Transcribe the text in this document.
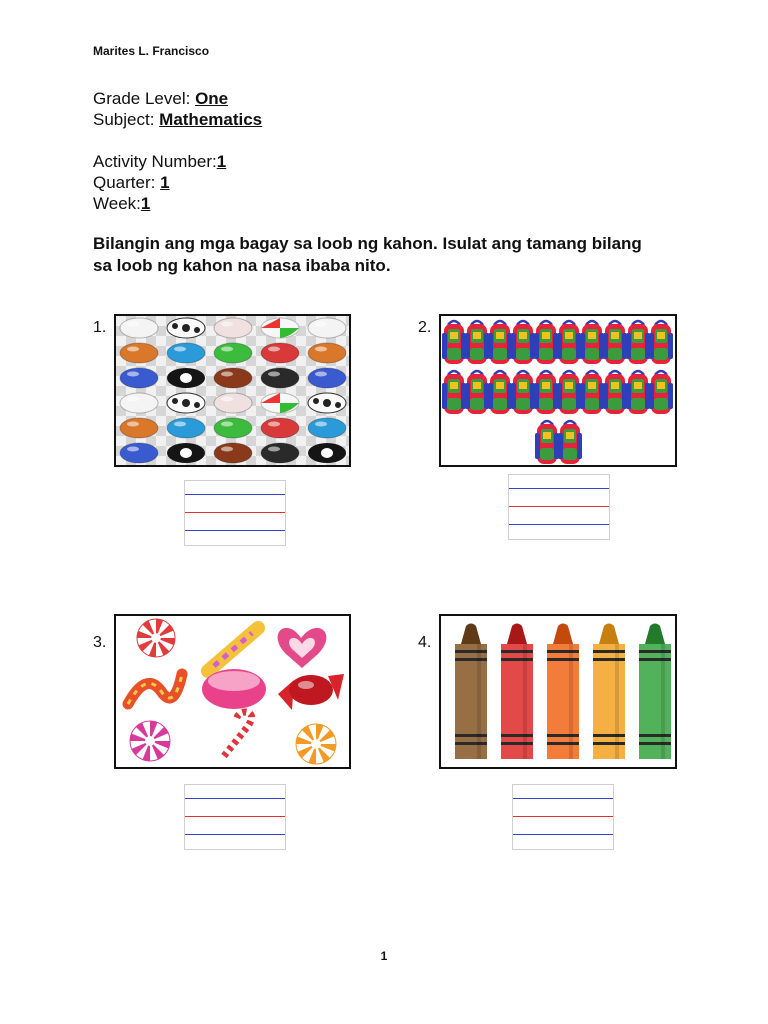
Marites L. Francisco
Grade Level: One
Subject: Mathematics
Activity Number:1
Quarter: 1
Week:1
Bilangin ang mga bagay sa loob ng kahon. Isulat ang tamang bilang sa loob ng kahon na nasa ibaba nito.
1.	2.
3.	4.
1
